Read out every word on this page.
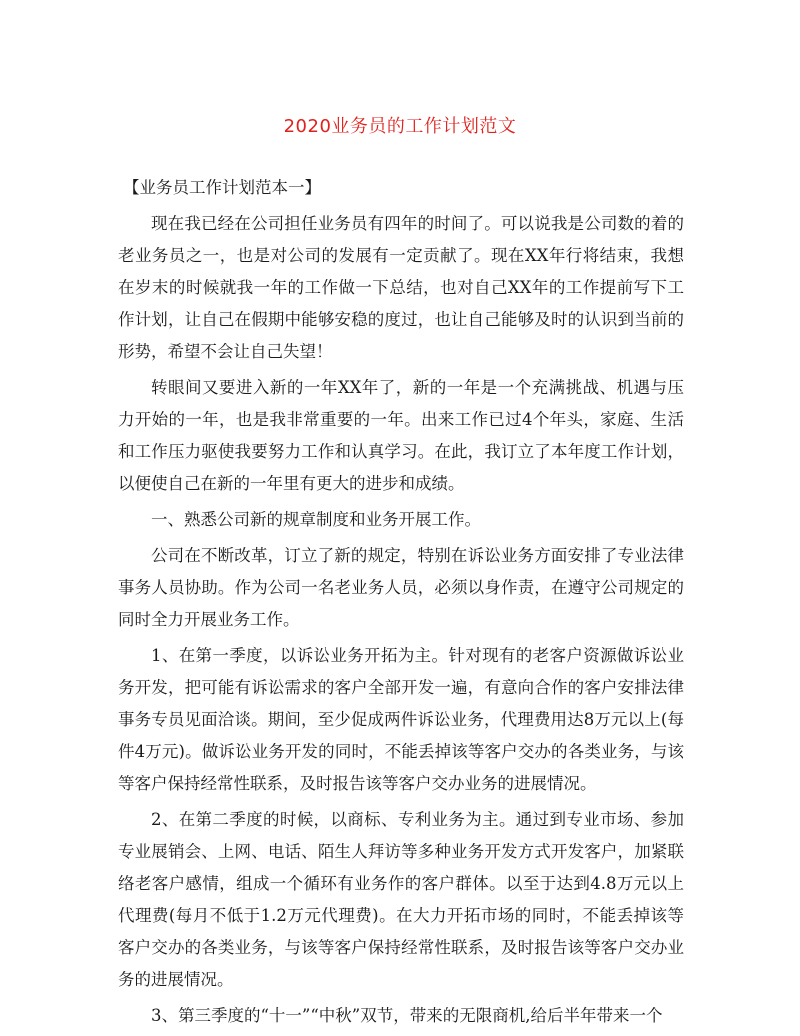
2020业务员的工作计划范文

【业务员工作计划范本一】

现在我已经在公司担任业务员有四年的时间了。可以说我是公司数的着的老业务员之一，也是对公司的发展有一定贡献了。现在XX年行将结束，我想在岁末的时候就我一年的工作做一下总结，也对自己XX年的工作提前写下工作计划，让自己在假期中能够安稳的度过，也让自己能够及时的认识到当前的形势，希望不会让自己失望！

转眼间又要进入新的一年XX年了，新的一年是一个充满挑战、机遇与压力开始的一年，也是我非常重要的一年。出来工作已过4个年头，家庭、生活和工作压力驱使我要努力工作和认真学习。在此，我订立了本年度工作计划，以便使自己在新的一年里有更大的进步和成绩。

一、熟悉公司新的规章制度和业务开展工作。

公司在不断改革，订立了新的规定，特别在诉讼业务方面安排了专业法律事务人员协助。作为公司一名老业务人员，必须以身作责，在遵守公司规定的同时全力开展业务工作。

1、在第一季度，以诉讼业务开拓为主。针对现有的老客户资源做诉讼业务开发，把可能有诉讼需求的客户全部开发一遍，有意向合作的客户安排法律事务专员见面洽谈。期间，至少促成两件诉讼业务，代理费用达8万元以上(每件4万元)。做诉讼业务开发的同时，不能丢掉该等客户交办的各类业务，与该等客户保持经常性联系，及时报告该等客户交办业务的进展情况。

2、在第二季度的时候，以商标、专利业务为主。通过到专业市场、参加专业展销会、上网、电话、陌生人拜访等多种业务开发方式开发客户，加紧联络老客户感情，组成一个循环有业务作的客户群体。以至于达到4.8万元以上代理费(每月不低于1.2万元代理费)。在大力开拓市场的同时，不能丢掉该等客户交办的各类业务，与该等客户保持经常性联系，及时报告该等客户交办业务的进展情况。

3、第三季度的“十一”“中秋”双节，带来的无限商机,给后半年带来一个
